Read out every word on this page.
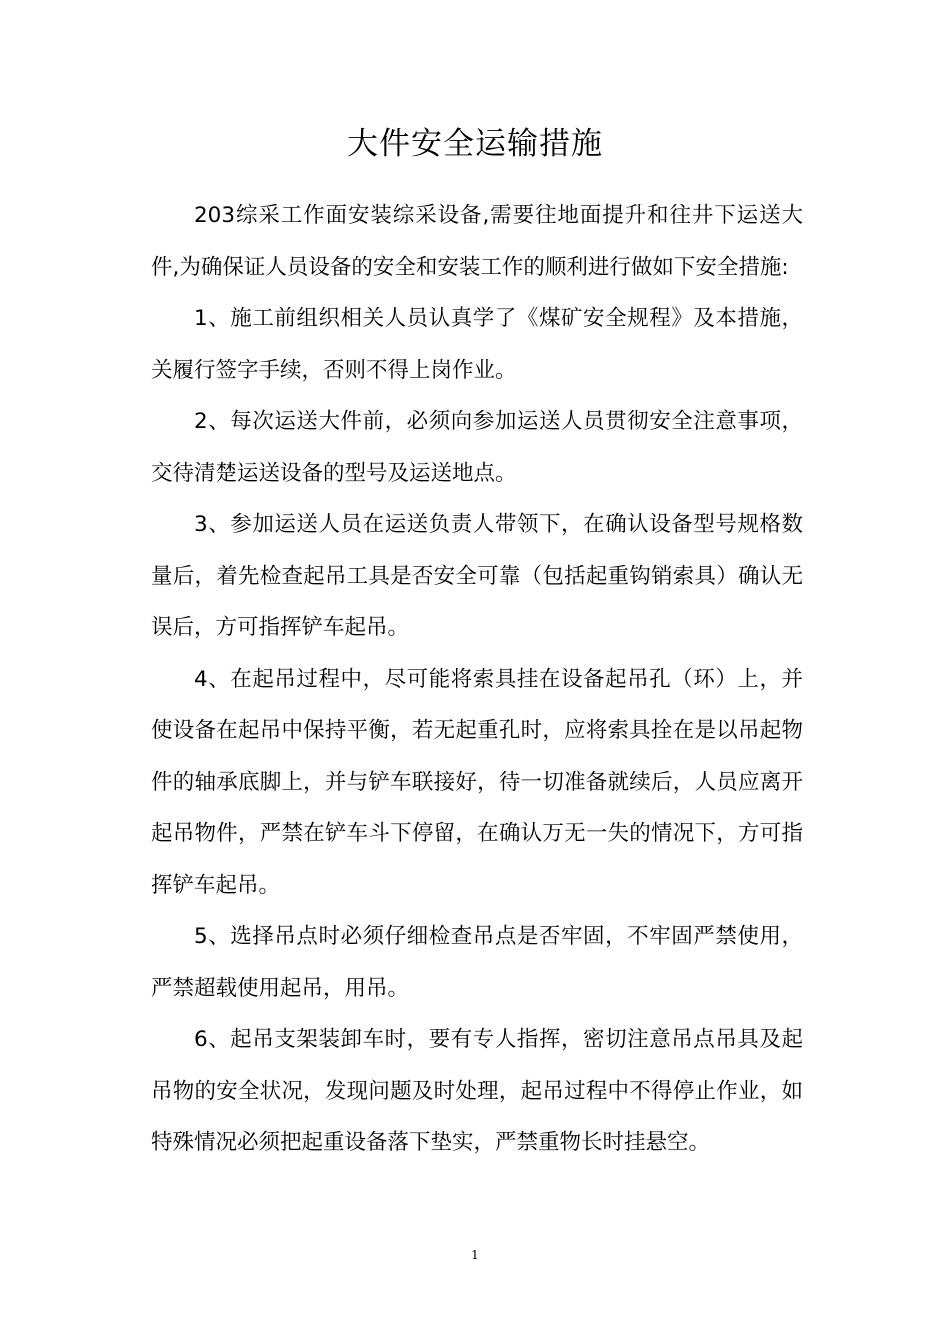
大件安全运输措施

203综采工作面安装综采设备,需要往地面提升和往井下运送大件,为确保证人员设备的安全和安装工作的顺利进行做如下安全措施:

1、施工前组织相关人员认真学了《煤矿安全规程》及本措施，关履行签字手续，否则不得上岗作业。

2、每次运送大件前，必须向参加运送人员贯彻安全注意事项，交待清楚运送设备的型号及运送地点。

3、参加运送人员在运送负责人带领下，在确认设备型号规格数量后，着先检查起吊工具是否安全可靠（包括起重钩销索具）确认无误后，方可指挥铲车起吊。

4、在起吊过程中，尽可能将索具挂在设备起吊孔（环）上，并使设备在起吊中保持平衡，若无起重孔时，应将索具拴在是以吊起物件的轴承底脚上，并与铲车联接好，待一切准备就续后，人员应离开起吊物件，严禁在铲车斗下停留，在确认万无一失的情况下，方可指挥铲车起吊。

5、选择吊点时必须仔细检查吊点是否牢固，不牢固严禁使用，严禁超载使用起吊，用吊。

6、起吊支架装卸车时，要有专人指挥，密切注意吊点吊具及起吊物的安全状况，发现问题及时处理，起吊过程中不得停止作业，如特殊情况必须把起重设备落下垫实，严禁重物长时挂悬空。

1
